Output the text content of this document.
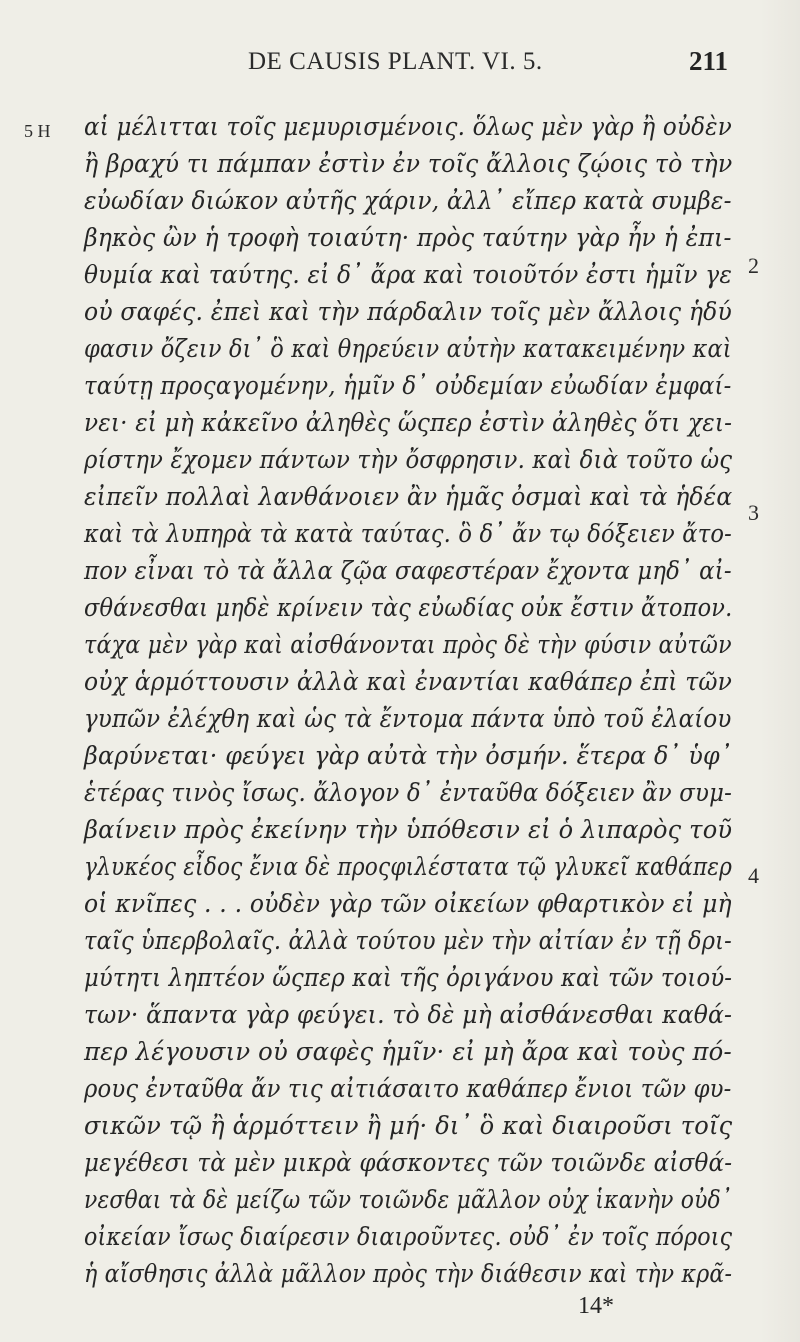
DE CAUSIS PLANT. VI. 5.	211
5 H
2
3
4
αἱ μέλιτται τοῖς μεμυρισμένοις. ὅλως μὲν γὰρ ἢ οὐδὲν
ἢ βραχύ τι πάμπαν ἐστὶν ἐν τοῖς ἄλλοις ζῴοις τὸ τὴν
εὐωδίαν διώκον αὐτῆς χάριν, ἀλλ᾽ εἴπερ κατὰ συμβε-
βηκὸς ὢν ἡ τροφὴ τοιαύτη· πρὸς ταύτην γὰρ ἦν ἡ ἐπι-
θυμία καὶ ταύτης. εἰ δ᾽ ἄρα καὶ τοιοῦτόν ἐστι ἡμῖν γε
οὐ σαφές. ἐπεὶ καὶ τὴν πάρδαλιν τοῖς μὲν ἄλλοις ἡδύ
φασιν ὄζειν δι᾽ ὃ καὶ θηρεύειν αὐτὴν κατακειμένην καὶ
ταύτῃ προςαγομένην, ἡμῖν δ᾽ οὐδεμίαν εὐωδίαν ἐμφαί-
νει· εἰ μὴ κἀκεῖνο ἀληθὲς ὥςπερ ἐστὶν ἀληθὲς ὅτι χει-
ρίστην ἔχομεν πάντων τὴν ὄσφρησιν. καὶ διὰ τοῦτο ὡς
εἰπεῖν πολλαὶ λανθάνοιεν ἂν ἡμᾶς ὀσμαὶ καὶ τὰ ἡδέα
καὶ τὰ λυπηρὰ τὰ κατὰ ταύτας. ὃ δ᾽ ἄν τῳ δόξειεν ἄτο-
πον εἶναι τὸ τὰ ἄλλα ζῷα σαφεστέραν ἔχοντα μηδ᾽ αἰ-
σθάνεσθαι μηδὲ κρίνειν τὰς εὐωδίας οὐκ ἔστιν ἄτοπον.
τάχα μὲν γὰρ καὶ αἰσθάνονται πρὸς δὲ τὴν φύσιν αὐτῶν
οὐχ ἁρμόττουσιν ἀλλὰ καὶ ἐναντίαι καθάπερ ἐπὶ τῶν
γυπῶν ἐλέχθη καὶ ὡς τὰ ἔντομα πάντα ὑπὸ τοῦ ἐλαίου
βαρύνεται· φεύγει γὰρ αὐτὰ τὴν ὀσμήν. ἕτερα δ᾽ ὑφ᾽
ἑτέρας τινὸς ἴσως. ἄλογον δ᾽ ἐνταῦθα δόξειεν ἂν συμ-
βαίνειν πρὸς ἐκείνην τὴν ὑπόθεσιν εἰ ὁ λιπαρὸς τοῦ
γλυκέος εἶδος ἔνια δὲ προςφιλέστατα τῷ γλυκεῖ καθάπερ
οἱ κνῖπες . . . οὐδὲν γὰρ τῶν οἰκείων φθαρτικὸν εἰ μὴ
ταῖς ὑπερβολαῖς. ἀλλὰ τούτου μὲν τὴν αἰτίαν ἐν τῇ δρι-
μύτητι ληπτέον ὥςπερ καὶ τῆς ὀριγάνου καὶ τῶν τοιού-
των· ἅπαντα γὰρ φεύγει. τὸ δὲ μὴ αἰσθάνεσθαι καθά-
περ λέγουσιν οὐ σαφὲς ἡμῖν· εἰ μὴ ἄρα καὶ τοὺς πό-
ρους ἐνταῦθα ἄν τις αἰτιάσαιτο καθάπερ ἔνιοι τῶν φυ-
σικῶν τῷ ἢ ἁρμόττειν ἢ μή· δι᾽ ὃ καὶ διαιροῦσι τοῖς
μεγέθεσι τὰ μὲν μικρὰ φάσκοντες τῶν τοιῶνδε αἰσθά-
νεσθαι τὰ δὲ μείζω τῶν τοιῶνδε μᾶλλον οὐχ ἱκανὴν οὐδ᾽
οἰκείαν ἴσως διαίρεσιν διαιροῦντες. οὐδ᾽ ἐν τοῖς πόροις
ἡ αἴσθησις ἀλλὰ μᾶλλον πρὸς τὴν διάθεσιν καὶ τὴν κρᾶ-
14*
